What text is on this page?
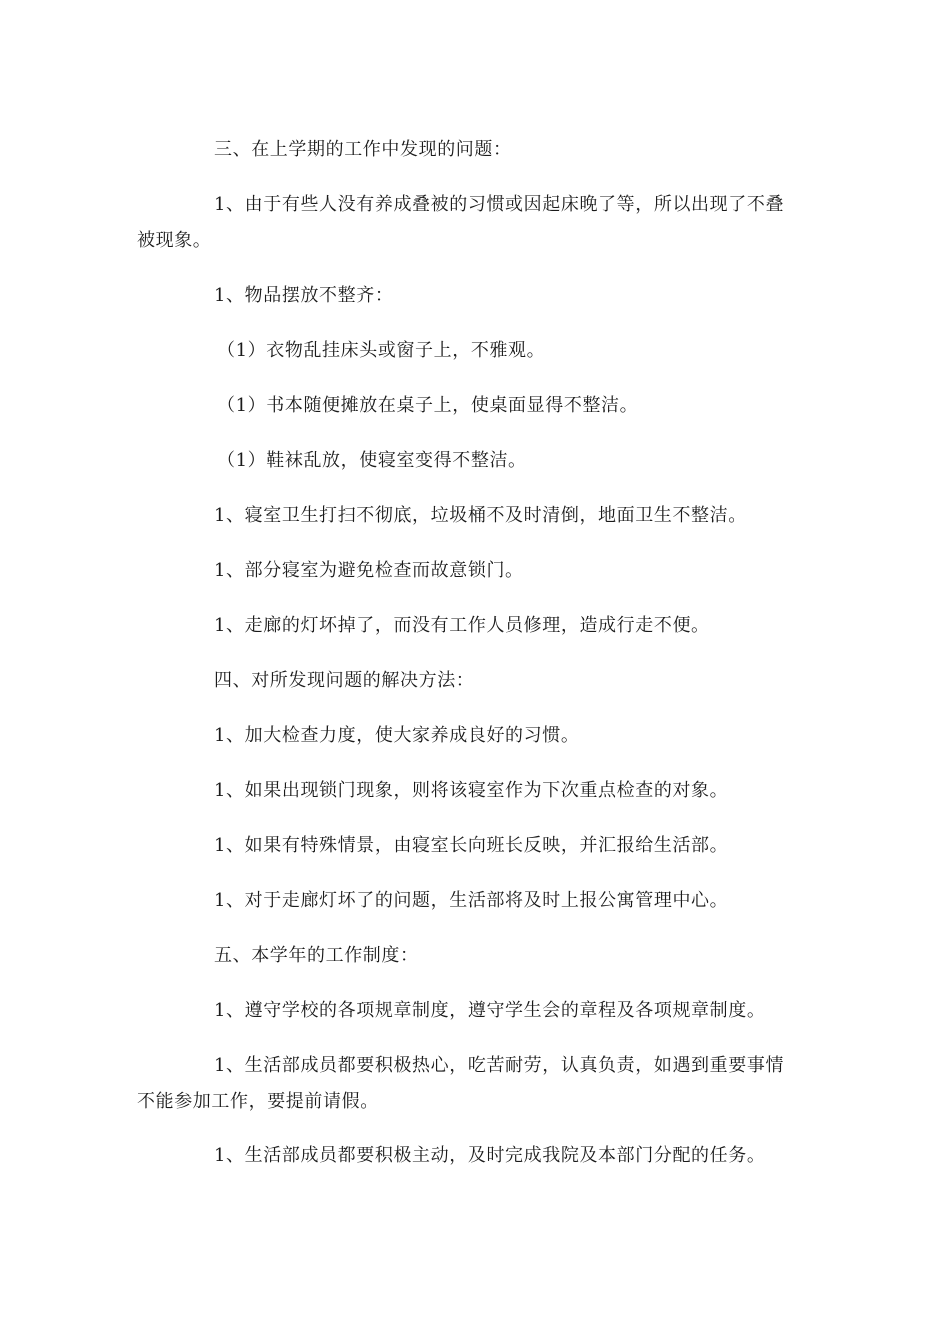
三、在上学期的工作中发现的问题：

1、由于有些人没有养成叠被的习惯或因起床晚了等，所以出现了不叠被现象。

1、物品摆放不整齐：

（1）衣物乱挂床头或窗子上，不雅观。

（1）书本随便摊放在桌子上，使桌面显得不整洁。

（1）鞋袜乱放，使寝室变得不整洁。

1、寝室卫生打扫不彻底，垃圾桶不及时清倒，地面卫生不整洁。

1、部分寝室为避免检查而故意锁门。

1、走廊的灯坏掉了，而没有工作人员修理，造成行走不便。

四、对所发现问题的解决方法：

1、加大检查力度，使大家养成良好的习惯。

1、如果出现锁门现象，则将该寝室作为下次重点检查的对象。

1、如果有特殊情景，由寝室长向班长反映，并汇报给生活部。

1、对于走廊灯坏了的问题，生活部将及时上报公寓管理中心。

五、本学年的工作制度：

1、遵守学校的各项规章制度，遵守学生会的章程及各项规章制度。

1、生活部成员都要积极热心，吃苦耐劳，认真负责，如遇到重要事情不能参加工作，要提前请假。

1、生活部成员都要积极主动，及时完成我院及本部门分配的任务。
